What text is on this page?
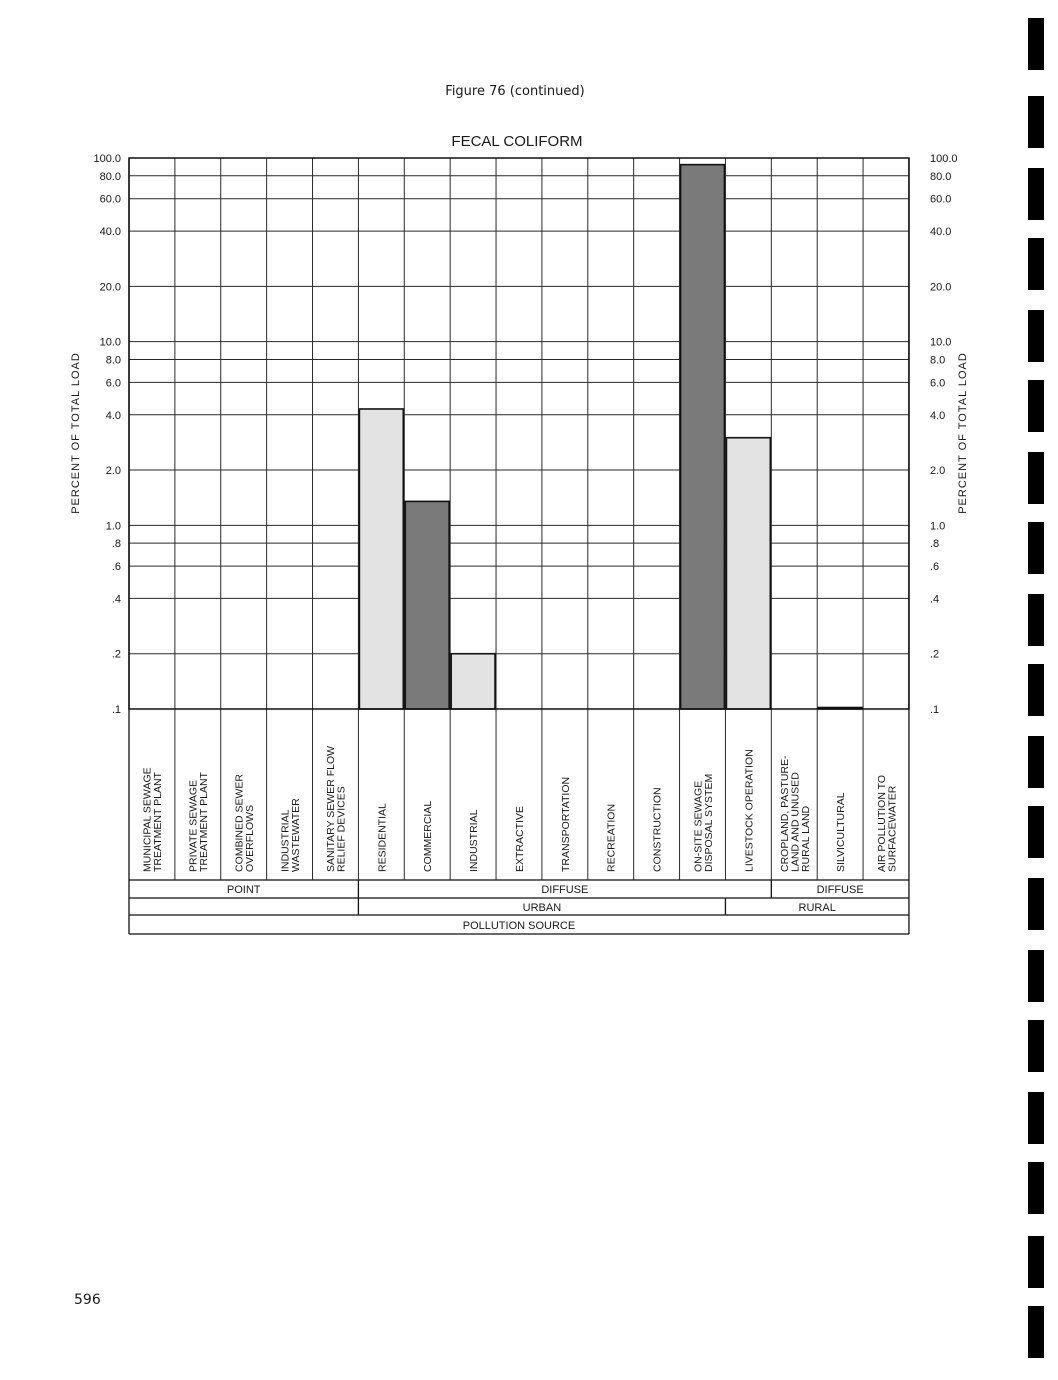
Figure 76 (continued)
FECAL COLIFORM
100.0
80.0
60.0
40.0
20.0
10.0
8.0
6.0
4.0
2.0
1.0
.8
.6
.4
.2
.1
100.0
80.0
60.0
40.0
20.0
10.0
8.0
6.0
4.0
2.0
1.0
.8
.6
.4
.2
.1
PERCENT OF TOTAL LOAD	PERCENT OF TOTAL LOAD
MUNICIPAL SEWAGE
TREATMENT PLANT PRIVATE SEWAGE
TREATMENT PLANT COMBINED SEWER
OVERFLOWS INDUSTRIAL
WASTEWATER SANITARY SEWER FLOW
RELIEF DEVICES	RESIDENTIAL	COMMERCIAL	INDUSTRIAL	EXTRACTIVE	TRANSPORTATION	RECREATION	CONSTRUCTION	ON-SITE SEWAGE
DISPOSAL SYSTEM	LIVESTOCK OPERATION CROPLAND, PASTURE-
LAND AND UNUSED
RURAL LAND SILVICULTURAL	AIR POLLUTION TO
SURFACEWATER
POINT	DIFFUSE	DIFFUSE
URBAN	RURAL
POLLUTION SOURCE
596
